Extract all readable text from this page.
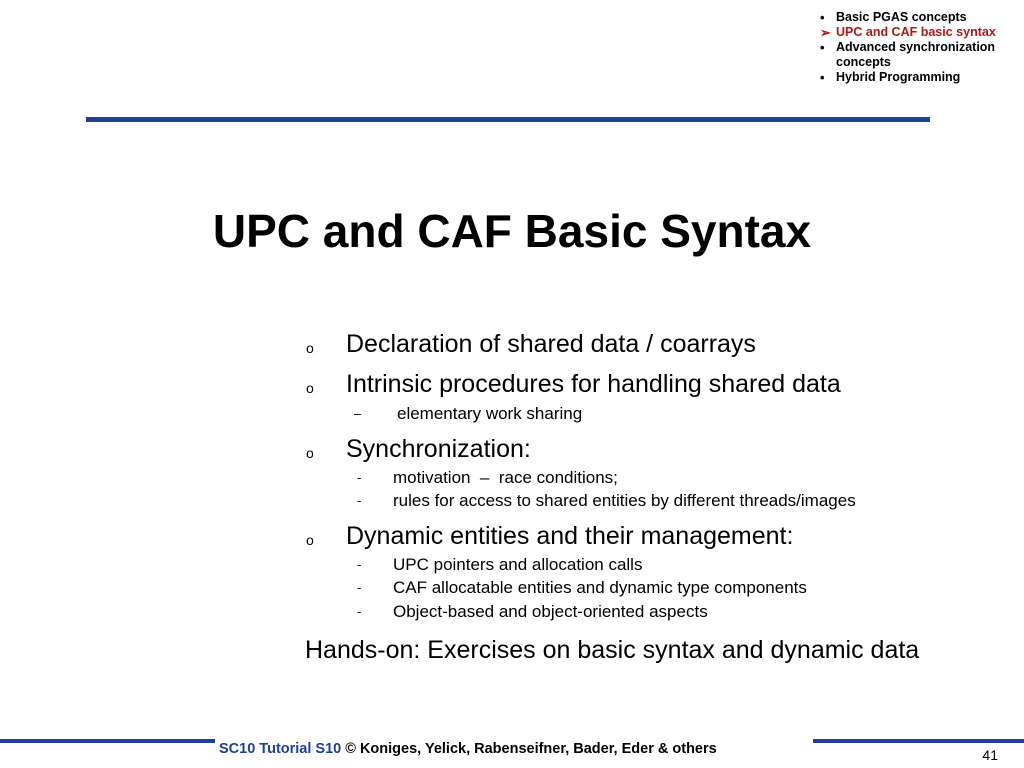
• Basic PGAS concepts
➢ UPC and CAF basic syntax
• Advanced synchronization concepts
• Hybrid Programming
UPC and CAF Basic Syntax
o Declaration of shared data / coarrays
o Intrinsic procedures for handling shared data
– elementary work sharing
o Synchronization:
- motivation  –  race conditions;
- rules for access to shared entities by different threads/images
o Dynamic entities and their management:
- UPC pointers and allocation calls
- CAF allocatable entities and dynamic type components
- Object-based and object-oriented aspects
Hands-on: Exercises on basic syntax and dynamic data
SC10 Tutorial S10 © Koniges, Yelick, Rabenseifner, Bader, Eder & others	41
